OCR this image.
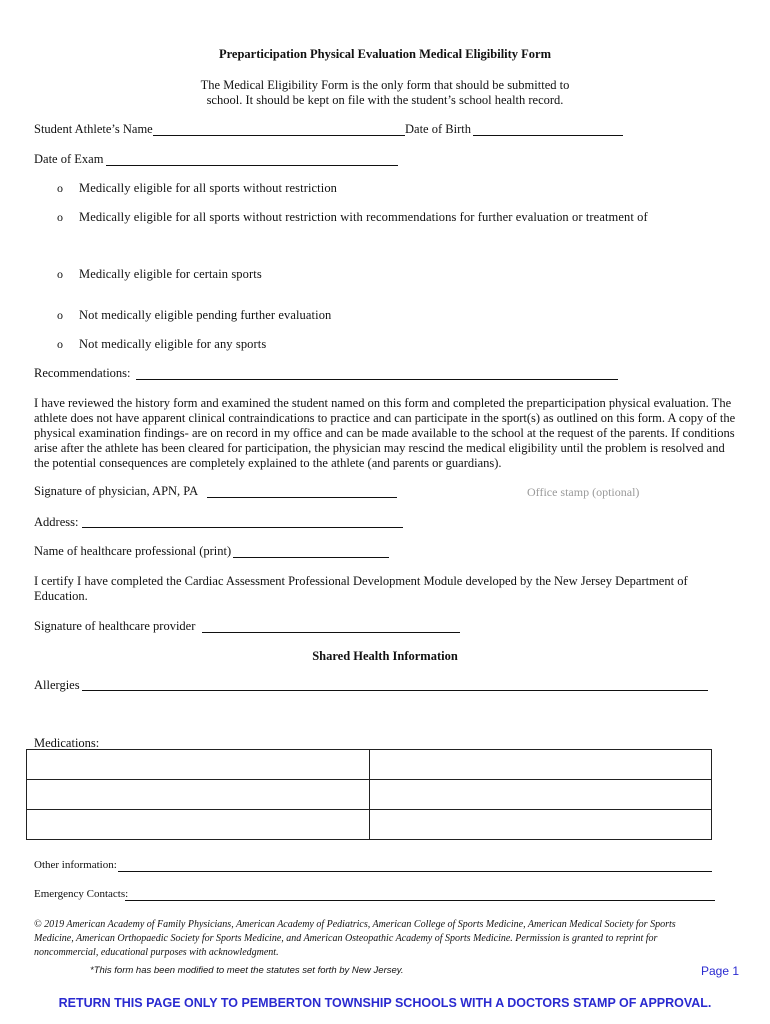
Preparticipation Physical Evaluation Medical Eligibility Form
The Medical Eligibility Form is the only form that should be submitted to
school. It should be kept on file with the student’s school health record.
Student Athlete’s Name	Date of Birth
Date of Exam
o Medically eligible for all sports without restriction
o Medically eligible for all sports without restriction with recommendations for further evaluation or treatment of
o Medically eligible for certain sports
o Not medically eligible pending further evaluation
o Not medically eligible for any sports
Recommendations:
I have reviewed the history form and examined the student named on this form and completed the preparticipation physical evaluation. The athlete does not have apparent clinical contraindications to practice and can participate in the sport(s) as outlined on this form. A copy of the physical examination findings- are on record in my office and can be made available to the school at the request of the parents. If conditions arise after the athlete has been cleared for participation, the physician may rescind the medical eligibility until the problem is resolved and the potential consequences are completely explained to the athlete (and parents or guardians).
Signature of physician, APN, PA	Office stamp (optional)
Address:
Name of healthcare professional (print)
I certify I have completed the Cardiac Assessment Professional Development Module developed by the New Jersey Department of Education.
Signature of healthcare provider
Shared Health Information
Allergies
Medications:

Other information:
Emergency Contacts:
© 2019 American Academy of Family Physicians, American Academy of Pediatrics, American College of Sports Medicine, American Medical Society for Sports Medicine, American Orthopaedic Society for Sports Medicine, and American Osteopathic Academy of Sports Medicine. Permission is granted to reprint for noncommercial, educational purposes with acknowledgment.
*This form has been modified to meet the statutes set forth by New Jersey.	Page 1
RETURN THIS PAGE ONLY TO PEMBERTON TOWNSHIP SCHOOLS WITH A DOCTORS STAMP OF APPROVAL.
